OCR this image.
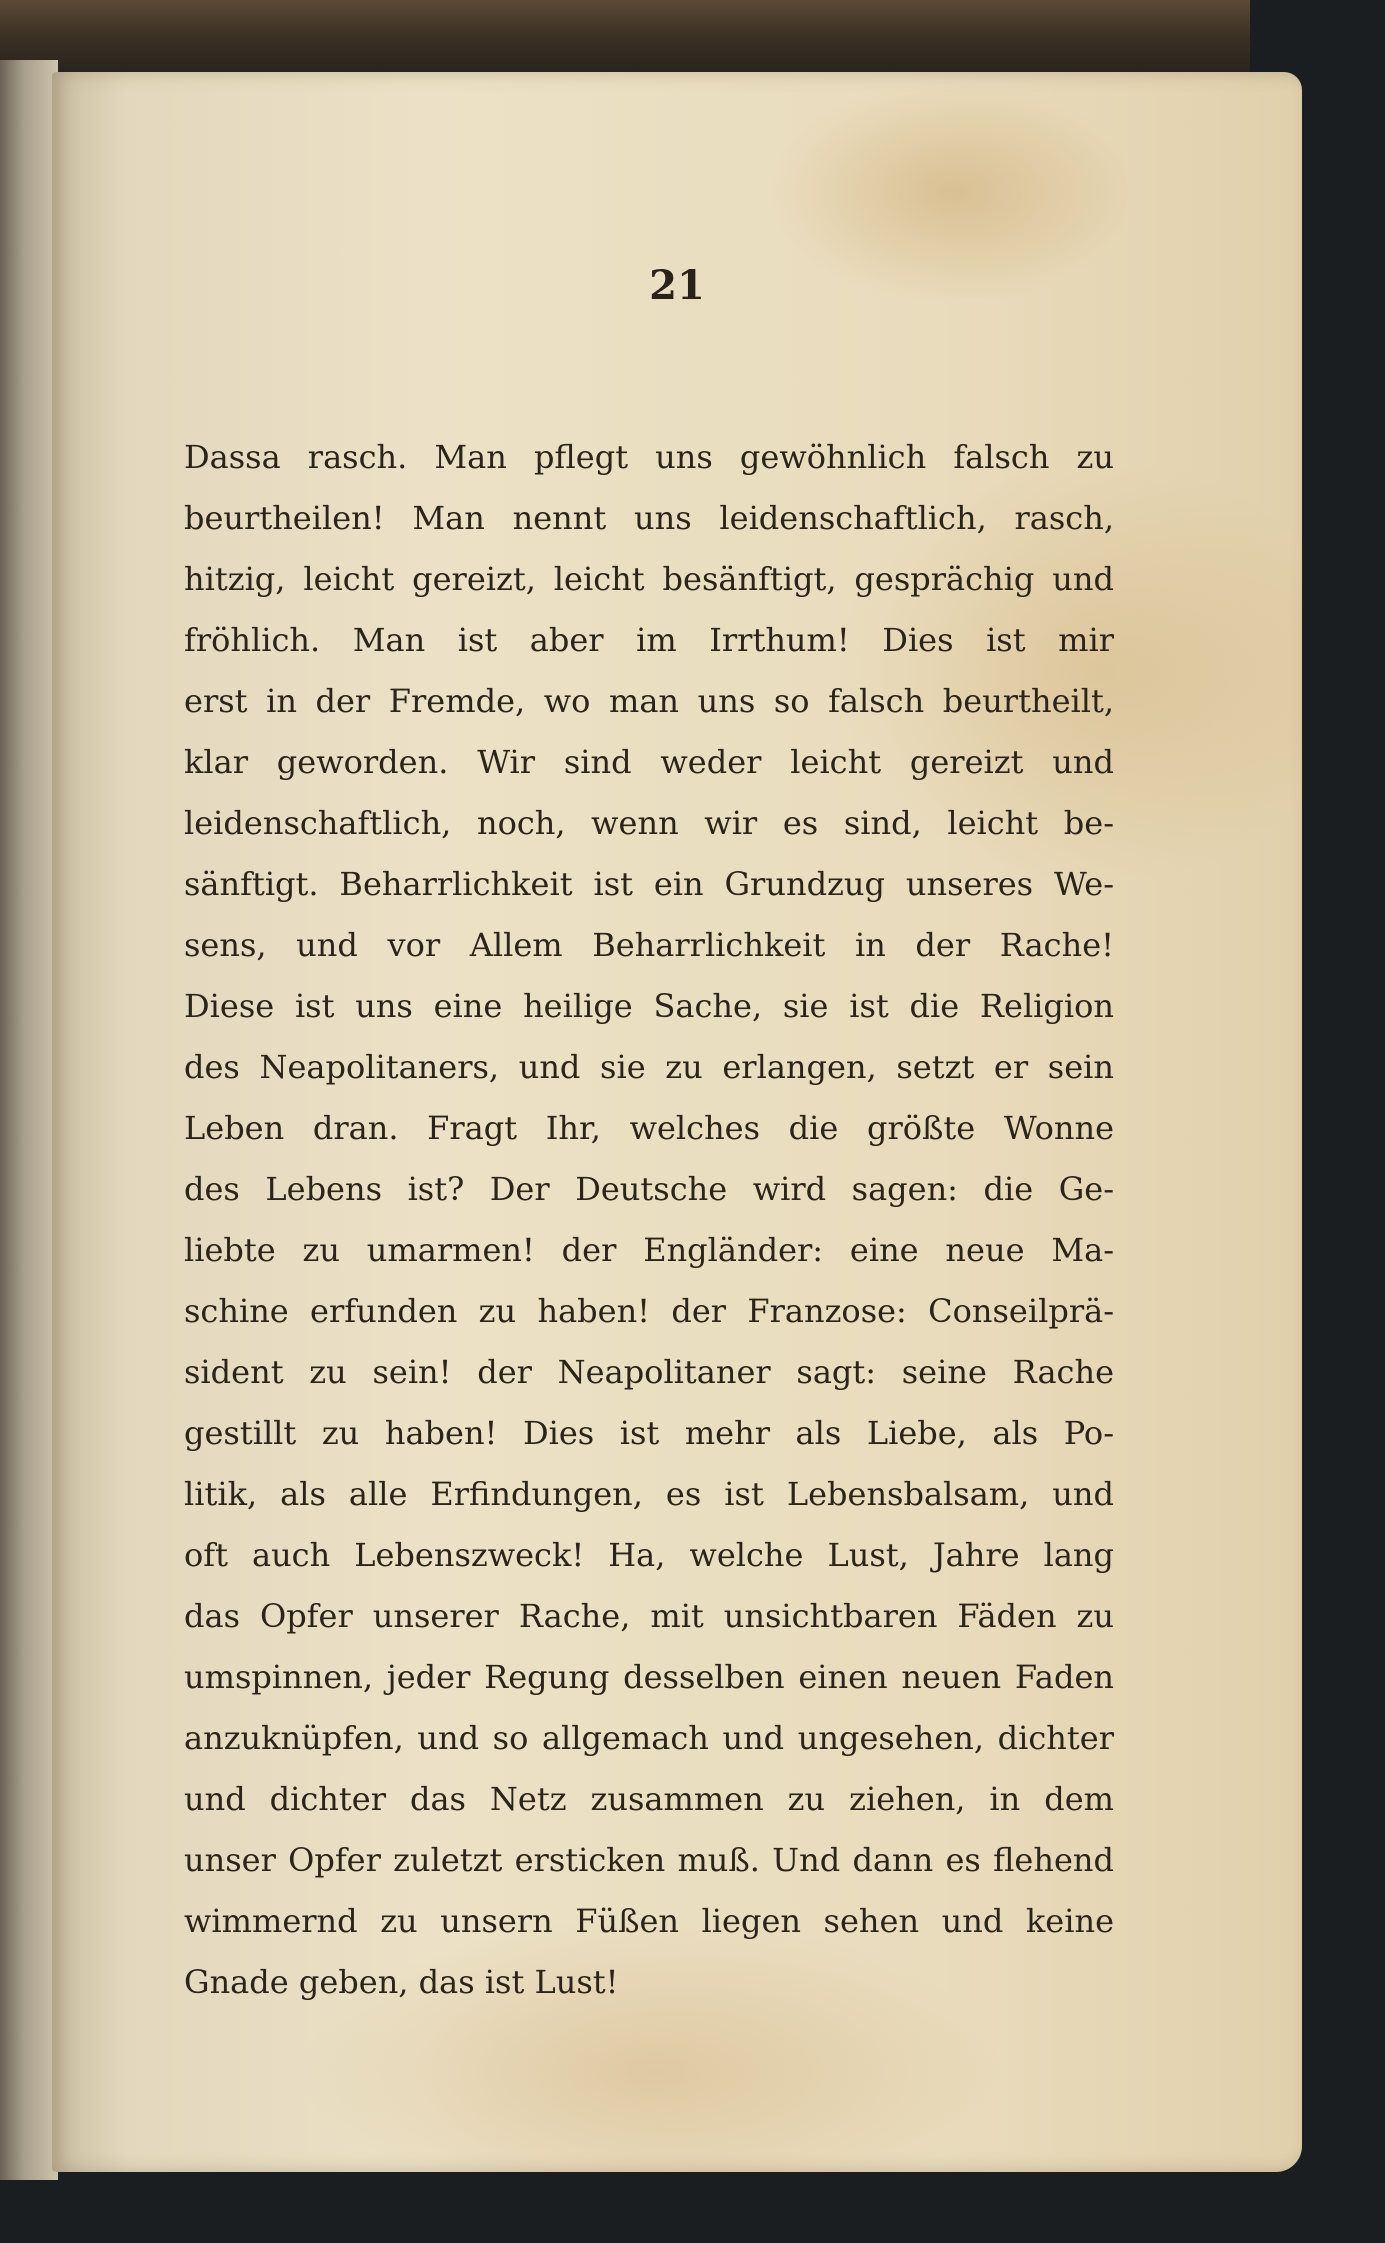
21
Dassa rasch. Man pflegt uns gewöhnlich falsch zu
beurtheilen! Man nennt uns leidenschaftlich, rasch,
hitzig, leicht gereizt, leicht besänftigt, gesprächig und
fröhlich. Man ist aber im Irrthum! Dies ist mir
erst in der Fremde, wo man uns so falsch beurtheilt,
klar geworden. Wir sind weder leicht gereizt und
leidenschaftlich, noch, wenn wir es sind, leicht be-
sänftigt. Beharrlichkeit ist ein Grundzug unseres We-
sens, und vor Allem Beharrlichkeit in der Rache!
Diese ist uns eine heilige Sache, sie ist die Religion
des Neapolitaners, und sie zu erlangen, setzt er sein
Leben dran. Fragt Ihr, welches die größte Wonne
des Lebens ist? Der Deutsche wird sagen: die Ge-
liebte zu umarmen! der Engländer: eine neue Ma-
schine erfunden zu haben! der Franzose: Conseilprä-
sident zu sein! der Neapolitaner sagt: seine Rache
gestillt zu haben! Dies ist mehr als Liebe, als Po-
litik, als alle Erfindungen, es ist Lebensbalsam, und
oft auch Lebenszweck! Ha, welche Lust, Jahre lang
das Opfer unserer Rache, mit unsichtbaren Fäden zu
umspinnen, jeder Regung desselben einen neuen Faden
anzuknüpfen, und so allgemach und ungesehen, dichter
und dichter das Netz zusammen zu ziehen, in dem
unser Opfer zuletzt ersticken muß. Und dann es flehend
wimmernd zu unsern Füßen liegen sehen und keine
Gnade geben, das ist Lust!
